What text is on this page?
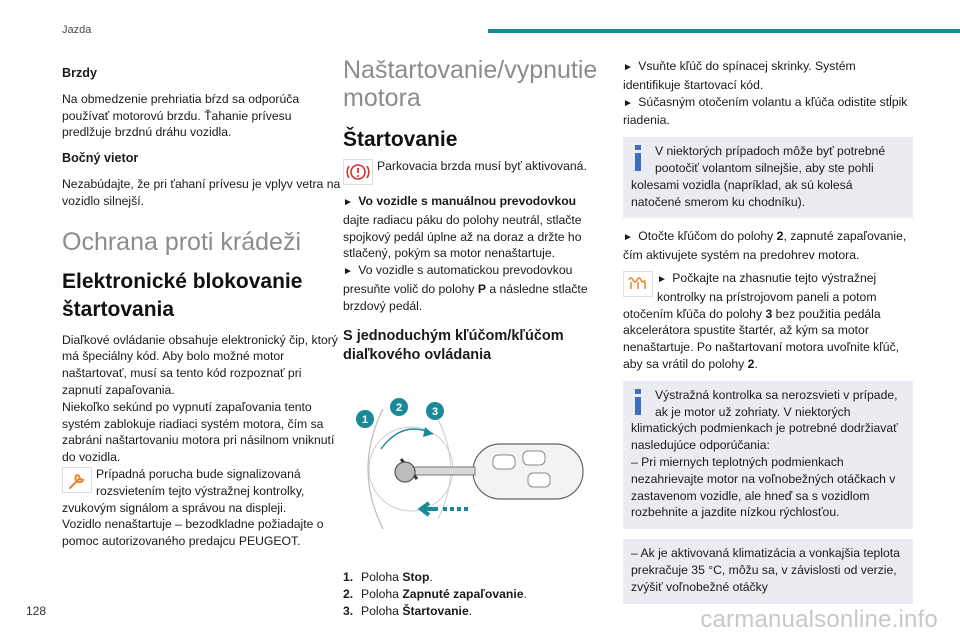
Jazda
Brzdy
Na obmedzenie prehriatia bŕzd sa odporúča používať motorovú brzdu. Ťahanie prívesu predlžuje brzdnú dráhu vozidla.
Bočný vietor
Nezabúdajte, že pri ťahaní prívesu je vplyv vetra na vozidlo silnejší.
Ochrana proti krádeži
Elektronické blokovanie štartovania
Diaľkové ovládanie obsahuje elektronický čip, ktorý má špeciálny kód. Aby bolo možné motor naštartovať, musí sa tento kód rozpoznať pri zapnutí zapaľovania.
Niekoľko sekúnd po vypnutí zapaľovania tento systém zablokuje riadiaci systém motora, čím sa zabráni naštartovaniu motora pri násilnom vniknutí do vozidla.
Prípadná porucha bude signalizovaná rozsvietením tejto výstražnej kontrolky, zvukovým signálom a správou na displeji.
Vozidlo nenaštartuje – bezodkladne požiadajte o pomoc autorizovaného predajcu PEUGEOT.
Naštartovanie/vypnutie motora
Štartovanie
Parkovacia brzda musí byť aktivovaná.
► Vo vozidle s manuálnou prevodovkou
dajte radiacu páku do polohy neutrál, stlačte spojkový pedál úplne až na doraz a držte ho stlačený, pokým sa motor nenaštartuje.
► Vo vozidle s automatickou prevodovkou presuňte volič do polohy P a následne stlačte brzdový pedál.
S jednoduchým kľúčom/kľúčom diaľkového ovládania
1
2	3
1. Poloha Stop.
2. Poloha Zapnuté zapaľovanie.
3. Poloha Štartovanie.
► Vsuňte kľúč do spínacej skrinky. Systém identifikuje štartovací kód.
► Súčasným otočením volantu a kľúča odistite stĺpik riadenia.
V niektorých prípadoch môže byť potrebné pootočiť volantom silnejšie, aby ste pohli kolesami vozidla (napríklad, ak sú kolesá natočené smerom ku chodníku).
► Otočte kľúčom do polohy 2, zapnuté zapaľovanie, čím aktivujete systém na predohrev motora.
► Počkajte na zhasnutie tejto výstražnej kontrolky na prístrojovom paneli a potom otočením kľúča do polohy 3 bez použitia pedála akcelerátora spustite štartér, až kým sa motor nenaštartuje. Po naštartovaní motora uvoľnite kľúč, aby sa vrátil do polohy 2.
Výstražná kontrolka sa nerozsvieti v prípade, ak je motor už zohriaty. V niektorých klimatických podmienkach je potrebné dodržiavať nasledujúce odporúčania:
– Pri miernych teplotných podmienkach nezahrievajte motor na voľnobežných otáčkach v zastavenom vozidle, ale hneď sa s vozidlom rozbehnite a jazdite nízkou rýchlosťou.
– Ak je aktivovaná klimatizácia a vonkajšia teplota prekračuje 35 °C, môžu sa, v závislosti od verzie, zvýšiť voľnobežné otáčky
128	carmanualsonline.info
